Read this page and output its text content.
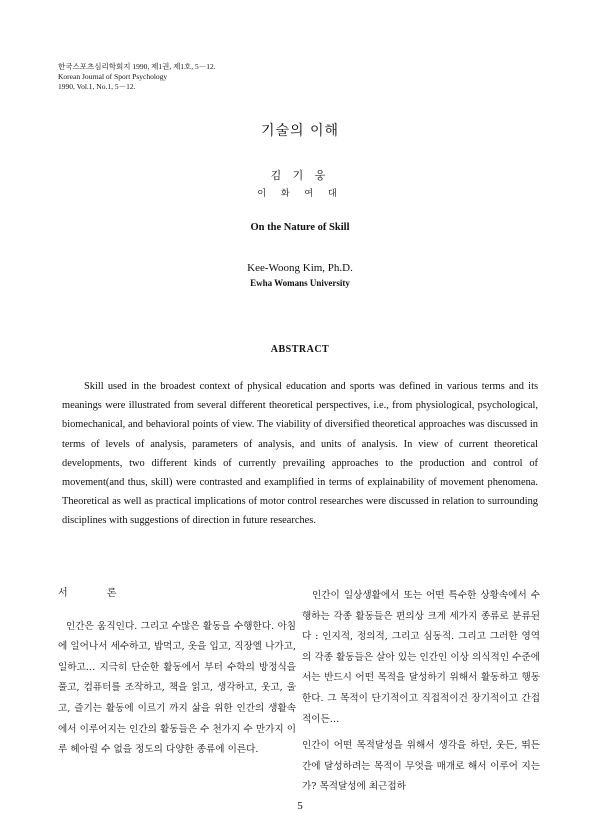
한국스포츠심리학회지 1990, 제1권, 제1호, 5－12.
Korean Journal of Sport Psychology
1990, Vol.1, No.1, 5－12.
기술의 이해
김 기 웅
이 화 여 대
On the Nature of Skill
Kee-Woong Kim, Ph.D.
Ewha Womans University
ABSTRACT

Skill used in the broadest context of physical education and sports was defined in various terms and its meanings were illustrated from several different theoretical perspectives, i.e., from physiological, psychological, biomechanical, and behavioral points of view. The viability of diversified theoretical approaches was discussed in terms of levels of analysis, parameters of analysis, and units of analysis. In view of current theoretical developments, two different kinds of currently prevailing approaches to the production and control of movement(and thus, skill) were contrasted and examplified in terms of explainability of movement phenomena. Theoretical as well as practical implications of motor control researches were discussed in relation to surrounding disciplines with suggestions of direction in future researches.

서 론

인간은 움직인다. 그리고 수많은 활동을 수행한다. 아침에 일어나서 세수하고, 밥먹고, 옷을 입고, 직장엘 나가고, 일하고… 지극히 단순한 활동에서 부터 수학의 방정식을 풀고, 컴퓨터를 조작하고, 책을 읽고, 생각하고, 웃고, 울고, 즐기는 활동에 이르기 까지 삶을 위한 인간의 생활속에서 이루어지는 인간의 활동들은 수 천가지 수 만가지 이루 헤아릴 수 없을 정도의 다양한 종류에 이른다.

인간이 일상생활에서 또는 어떤 특수한 상황속에서 수행하는 각종 활동들은 편의상 크게 세가지 종류로 분류된다 : 인지적, 정의적, 그리고 심동적. 그리고 그러한 영역의 각종 활동들은 살아 있는 인간인 이상 의식적인 수준에서는 반드시 어떤 목적을 달성하기 위해서 활동하고 행동한다. 그 목적이 단기적이고 직접적이건 장기적이고 간접적이든…

인간이 어떤 목적달성을 위해서 생각을 하던, 웃든, 뛰든 간에 달성하려는 목적이 무엇을 매개로 해서 이루어 지는가? 목적달성에 최근접하

5
